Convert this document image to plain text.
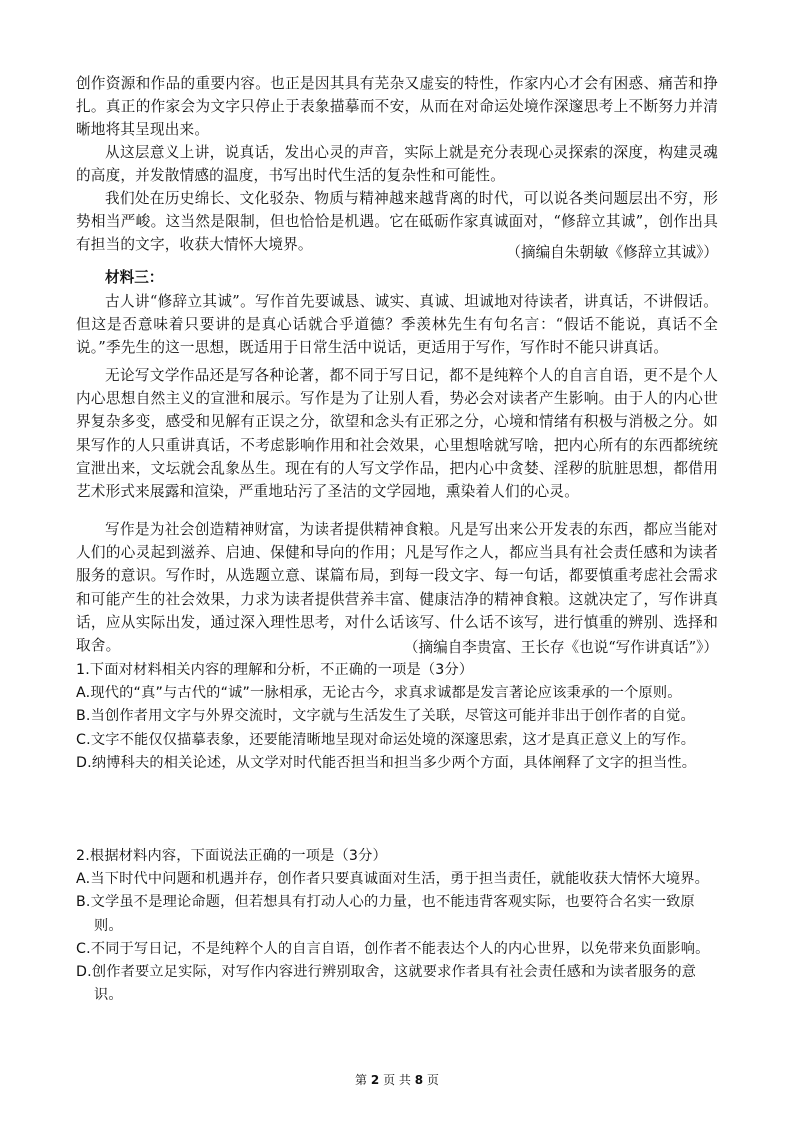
创作资源和作品的重要内容。也正是因其具有芜杂又虚妄的特性，作家内心才会有困惑、痛苦和挣扎。真正的作家会为文字只停止于表象描摹而不安，从而在对命运处境作深邃思考上不断努力并清晰地将其呈现出来。
从这层意义上讲，说真话，发出心灵的声音，实际上就是充分表现心灵探索的深度，构建灵魂的高度，并发散情感的温度，书写出时代生活的复杂性和可能性。
我们处在历史绵长、文化驳杂、物质与精神越来越背离的时代，可以说各类问题层出不穷，形势相当严峻。这当然是限制，但也恰恰是机遇。它在砥砺作家真诚面对，“修辞立其诚”，创作出具有担当的文字，收获大情怀大境界。	（摘编自朱朝敏《修辞立其诚》）
材料三：
古人讲“修辞立其诚”。写作首先要诚恳、诚实、真诚、坦诚地对待读者，讲真话，不讲假话。但这是否意味着只要讲的是真心话就合乎道德？季羡林先生有句名言：“假话不能说，真话不全说。”季先生的这一思想，既适用于日常生活中说话，更适用于写作，写作时不能只讲真话。
无论写文学作品还是写各种论著，都不同于写日记，都不是纯粹个人的自言自语，更不是个人内心思想自然主义的宣泄和展示。写作是为了让别人看，势必会对读者产生影响。由于人的内心世界复杂多变，感受和见解有正误之分，欲望和念头有正邪之分，心境和情绪有积极与消极之分。如果写作的人只重讲真话，不考虑影响作用和社会效果，心里想啥就写啥，把内心所有的东西都统统宣泄出来，文坛就会乱象丛生。现在有的人写文学作品，把内心中贪婪、淫秽的肮脏思想，都借用艺术形式来展露和渲染，严重地玷污了圣洁的文学园地，熏染着人们的心灵。
写作是为社会创造精神财富，为读者提供精神食粮。凡是写出来公开发表的东西，都应当能对人们的心灵起到滋养、启迪、保健和导向的作用；凡是写作之人，都应当具有社会责任感和为读者服务的意识。写作时，从选题立意、谋篇布局，到每一段文字、每一句话，都要慎重考虑社会需求和可能产生的社会效果，力求为读者提供营养丰富、健康洁净的精神食粮。这就决定了，写作讲真话，应从实际出发，通过深入理性思考，对什么话该写、什么话不该写，进行慎重的辨别、选择和取舍。	（摘编自李贵富、王长存《也说“写作讲真话”》）
1.下面对材料相关内容的理解和分析，不正确的一项是（3分）
A.现代的“真”与古代的“诚”一脉相承，无论古今，求真求诚都是发言著论应该秉承的一个原则。
B.当创作者用文字与外界交流时，文字就与生活发生了关联，尽管这可能并非出于创作者的自觉。
C.文字不能仅仅描摹表象，还要能清晰地呈现对命运处境的深邃思索，这才是真正意义上的写作。
D.纳博科夫的相关论述，从文学对时代能否担当和担当多少两个方面，具体阐释了文字的担当性。
2.根据材料内容，下面说法正确的一项是（3分）
A.当下时代中问题和机遇并存，创作者只要真诚面对生活，勇于担当责任，就能收获大情怀大境界。
B.文学虽不是理论命题，但若想具有打动人心的力量，也不能违背客观实际，也要符合名实一致原则。
C.不同于写日记，不是纯粹个人的自言自语，创作者不能表达个人的内心世界，以免带来负面影响。
D.创作者要立足实际，对写作内容进行辨别取舍，这就要求作者具有社会责任感和为读者服务的意识。
第 2 页 共 8 页
